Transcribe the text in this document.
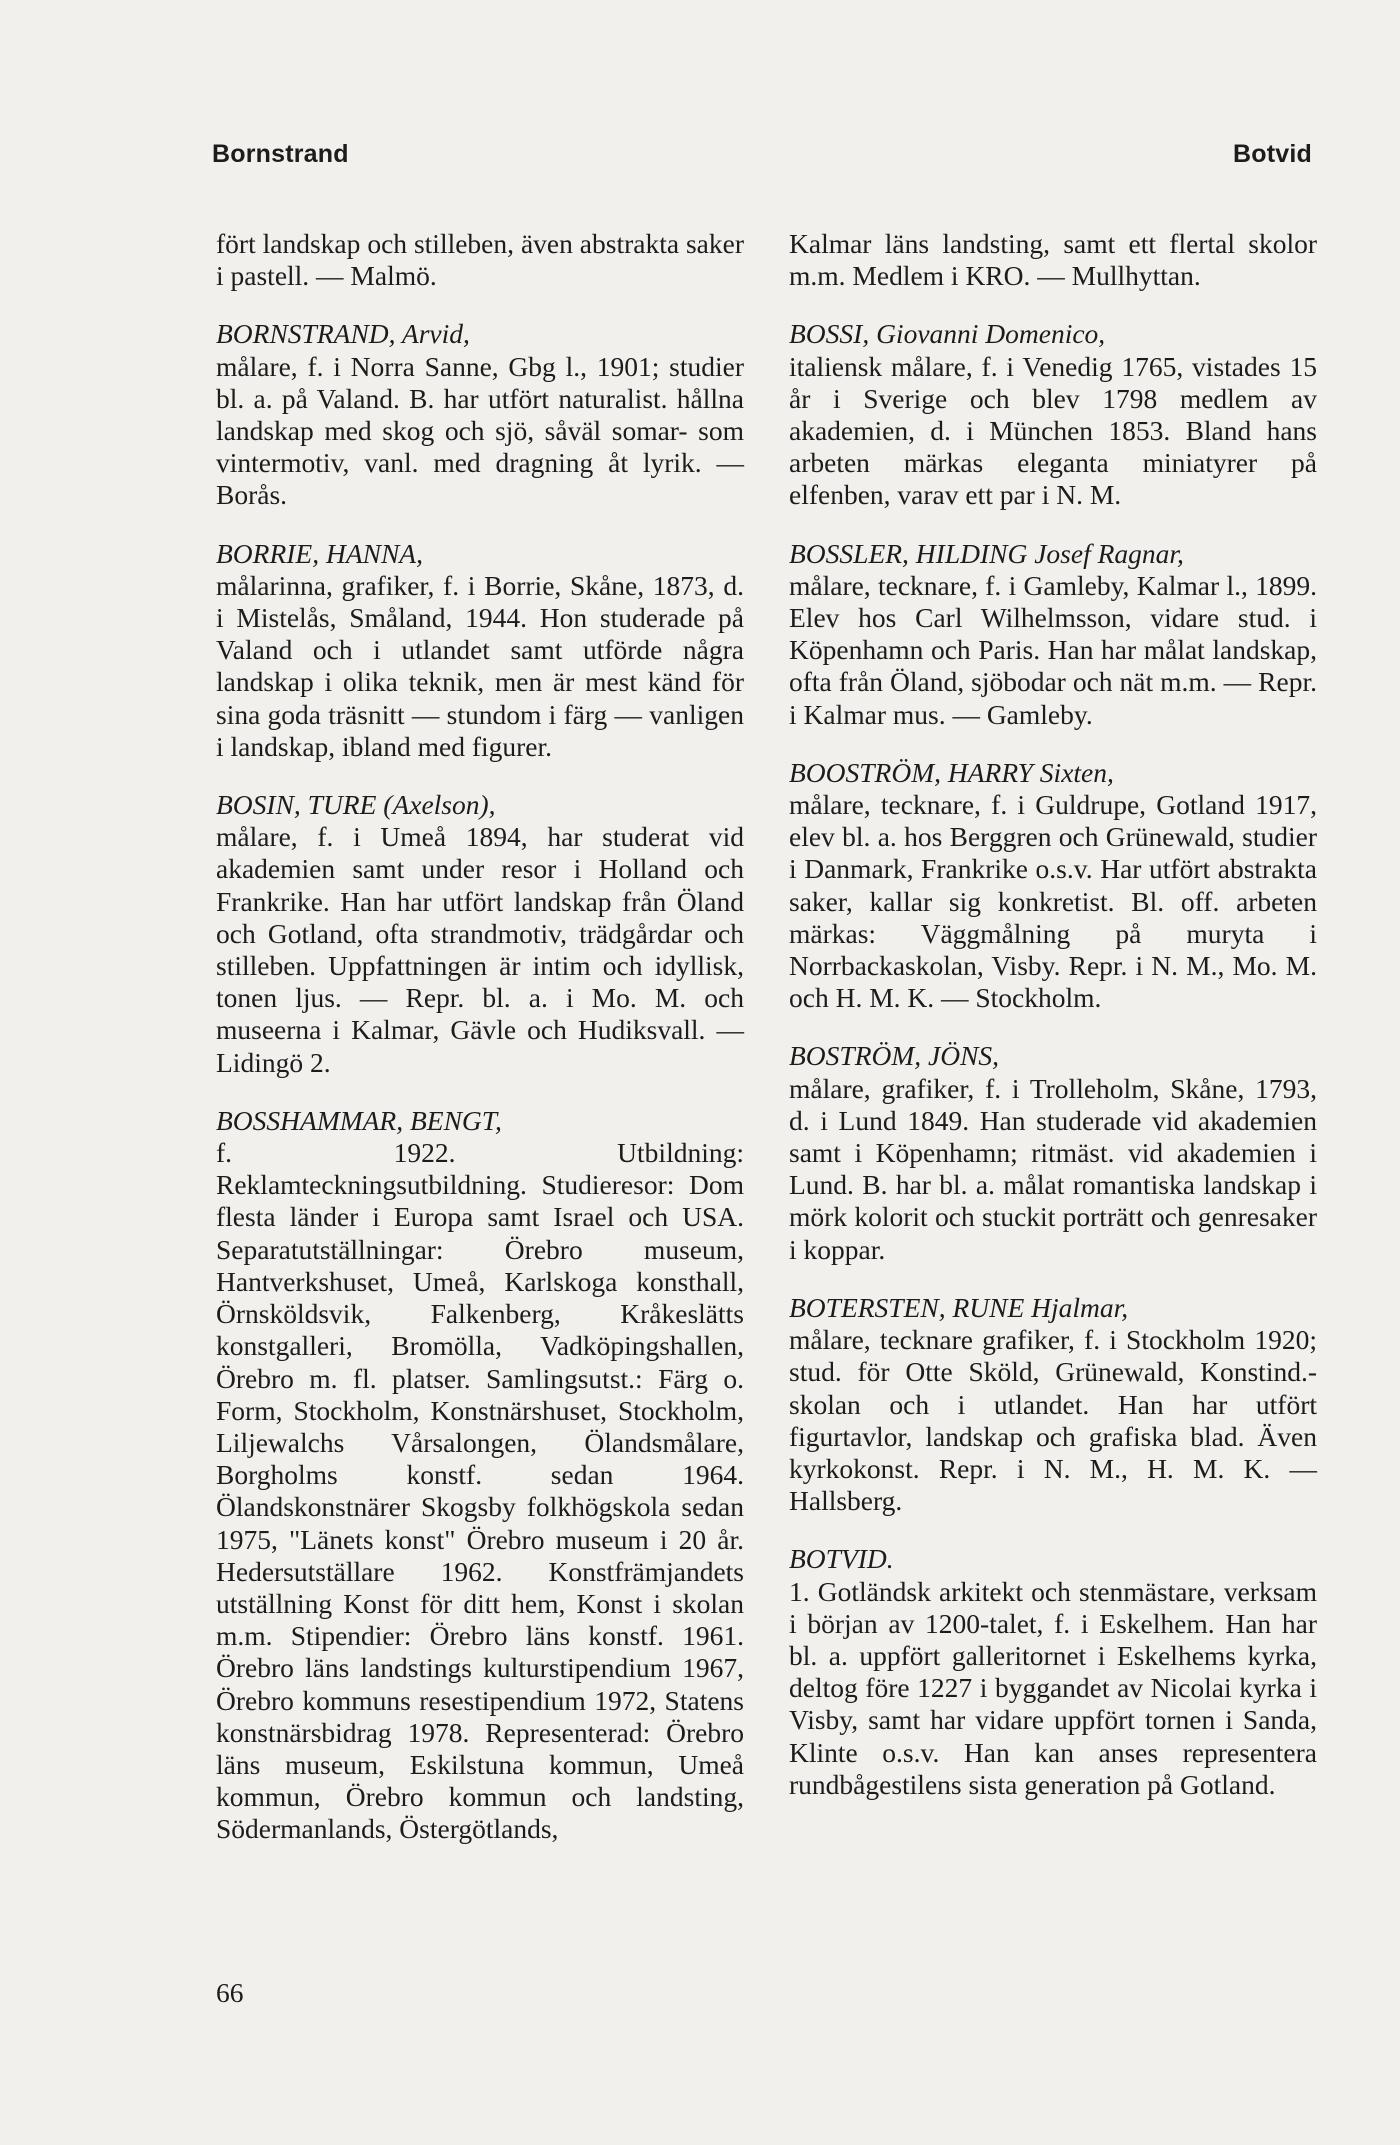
Bornstrand	Botvid

fört landskap och stilleben, även abstrakta saker i pastell. — Malmö.

BORNSTRAND, Arvid,

målare, f. i Norra Sanne, Gbg l., 1901; studier bl. a. på Valand. B. har utfört naturalist. hållna landskap med skog och sjö, såväl somar- som vintermotiv, vanl. med dragning åt lyrik. — Borås.

BORRIE, HANNA,

målarinna, grafiker, f. i Borrie, Skåne, 1873, d. i Mistelås, Småland, 1944. Hon studerade på Valand och i utlandet samt utförde några landskap i olika teknik, men är mest känd för sina goda träsnitt — stundom i färg — vanligen i landskap, ibland med figurer.

BOSIN, TURE (Axelson),

målare, f. i Umeå 1894, har studerat vid akademien samt under resor i Holland och Frankrike. Han har utfört landskap från Öland och Gotland, ofta strandmotiv, trädgårdar och stilleben. Uppfattningen är intim och idyllisk, tonen ljus. — Repr. bl. a. i Mo. M. och museerna i Kalmar, Gävle och Hudiksvall. — Lidingö 2.

BOSSHAMMAR, BENGT,

f. 1922. Utbildning: Reklamteckningsutbildning. Studieresor: Dom flesta länder i Europa samt Israel och USA. Separatutställningar: Örebro museum, Hantverkshuset, Umeå, Karlskoga konsthall, Örnsköldsvik, Falkenberg, Kråkeslätts konstgalleri, Bromölla, Vadköpingshallen, Örebro m. fl. platser. Samlingsutst.: Färg o. Form, Stockholm, Konstnärshuset, Stockholm, Liljewalchs Vårsalongen, Ölandsmålare, Borgholms konstf. sedan 1964. Ölandskonstnärer Skogsby folkhögskola sedan 1975, "Länets konst" Örebro museum i 20 år. Hedersutställare 1962. Konstfrämjandets utställning Konst för ditt hem, Konst i skolan m.m. Stipendier: Örebro läns konstf. 1961. Örebro läns landstings kulturstipendium 1967, Örebro kommuns resestipendium 1972, Statens konstnärsbidrag 1978. Representerad: Örebro läns museum, Eskilstuna kommun, Umeå kommun, Örebro kommun och landsting, Södermanlands, Östergötlands,

Kalmar läns landsting, samt ett flertal skolor m.m. Medlem i KRO. — Mullhyttan.

BOSSI, Giovanni Domenico,

italiensk målare, f. i Venedig 1765, vistades 15 år i Sverige och blev 1798 medlem av akademien, d. i München 1853. Bland hans arbeten märkas eleganta miniatyrer på elfenben, varav ett par i N. M.

BOSSLER, HILDING Josef Ragnar,

målare, tecknare, f. i Gamleby, Kalmar l., 1899. Elev hos Carl Wilhelmsson, vidare stud. i Köpenhamn och Paris. Han har målat landskap, ofta från Öland, sjöbodar och nät m.m. — Repr. i Kalmar mus. — Gamleby.

BOOSTRÖM, HARRY Sixten,

målare, tecknare, f. i Guldrupe, Gotland 1917, elev bl. a. hos Berggren och Grünewald, studier i Danmark, Frankrike o.s.v. Har utfört abstrakta saker, kallar sig konkretist. Bl. off. arbeten märkas: Väggmålning på muryta i Norrbackaskolan, Visby. Repr. i N. M., Mo. M. och H. M. K. — Stockholm.

BOSTRÖM, JÖNS,

målare, grafiker, f. i Trolleholm, Skåne, 1793, d. i Lund 1849. Han studerade vid akademien samt i Köpenhamn; ritmäst. vid akademien i Lund. B. har bl. a. målat romantiska landskap i mörk kolorit och stuckit porträtt och genresaker i koppar.

BOTERSTEN, RUNE Hjalmar,

målare, tecknare grafiker, f. i Stockholm 1920; stud. för Otte Sköld, Grünewald, Konstind.-skolan och i utlandet. Han har utfört figurtavlor, landskap och grafiska blad. Även kyrkokonst. Repr. i N. M., H. M. K. — Hallsberg.

BOTVID.

1. Gotländsk arkitekt och stenmästare, verksam i början av 1200-talet, f. i Eskelhem. Han har bl. a. uppfört galleritornet i Eskelhems kyrka, deltog före 1227 i byggandet av Nicolai kyrka i Visby, samt har vidare uppfört tornen i Sanda, Klinte o.s.v. Han kan anses representera rundbågestilens sista generation på Gotland.

66
